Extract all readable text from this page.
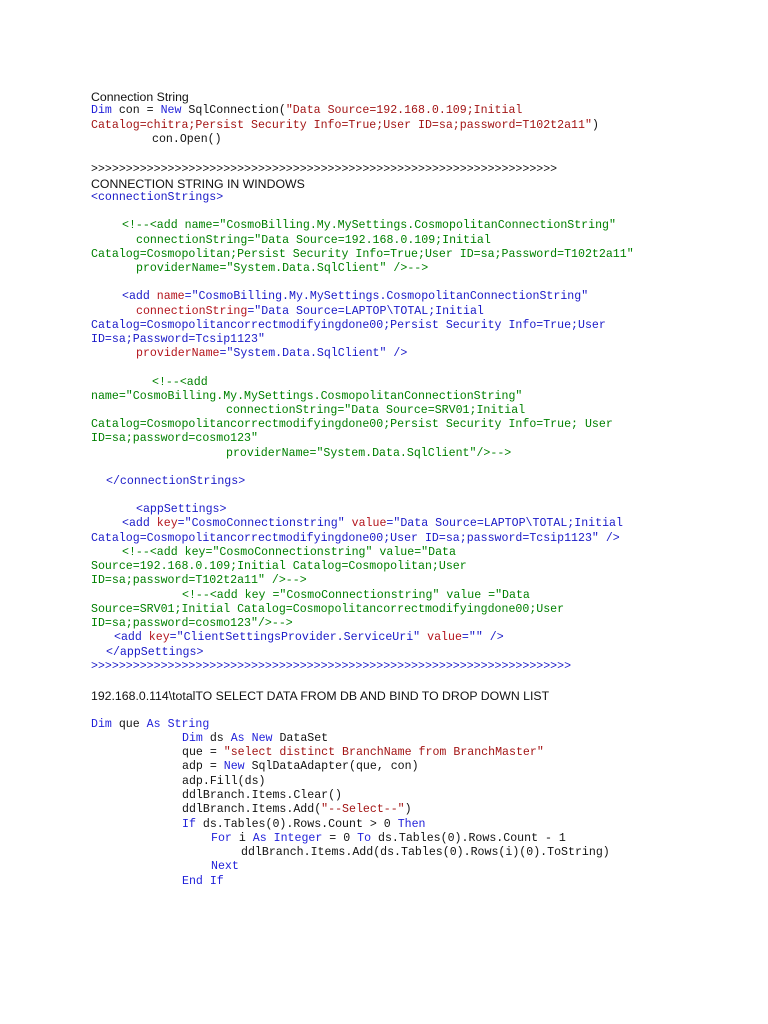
Connection String
Dim con = New SqlConnection("Data Source=192.168.0.109;Initial
Catalog=chitra;Persist Security Info=True;User ID=sa;password=T102t2a11")
con.Open()
>>>>>>>>>>>>>>>>>>>>>>>>>>>>>>>>>>>>>>>>>>>>>>>>>>>>>>>>>>>>>>>>>>>
CONNECTION STRING IN WINDOWS
<connectionStrings>
<!--<add name="CosmoBilling.My.MySettings.CosmopolitanConnectionString"
connectionString="Data Source=192.168.0.109;Initial
Catalog=Cosmopolitan;Persist Security Info=True;User ID=sa;Password=T102t2a11"
providerName="System.Data.SqlClient" />-->
<add name="CosmoBilling.My.MySettings.CosmopolitanConnectionString"
connectionString="Data Source=LAPTOP\TOTAL;Initial
Catalog=Cosmopolitancorrectmodifyingdone00;Persist Security Info=True;User
ID=sa;Password=Tcsip1123"
providerName="System.Data.SqlClient" />
<!--<add
name="CosmoBilling.My.MySettings.CosmopolitanConnectionString"
connectionString="Data Source=SRV01;Initial
Catalog=Cosmopolitancorrectmodifyingdone00;Persist Security Info=True; User
ID=sa;password=cosmo123"
providerName="System.Data.SqlClient"/>-->
</connectionStrings>
<appSettings>
<add key="CosmoConnectionstring" value="Data Source=LAPTOP\TOTAL;Initial
Catalog=Cosmopolitancorrectmodifyingdone00;User ID=sa;password=Tcsip1123" />
<!--<add key="CosmoConnectionstring" value="Data
Source=192.168.0.109;Initial Catalog=Cosmopolitan;User
ID=sa;password=T102t2a11" />-->
<!--<add key ="CosmoConnectionstring" value ="Data
Source=SRV01;Initial Catalog=Cosmopolitancorrectmodifyingdone00;User
ID=sa;password=cosmo123"/>-->
<add key="ClientSettingsProvider.ServiceUri" value="" />
</appSettings>
>>>>>>>>>>>>>>>>>>>>>>>>>>>>>>>>>>>>>>>>>>>>>>>>>>>>>>>>>>>>>>>>>>>>>
192.168.0.114\totalTO SELECT DATA FROM DB AND BIND TO DROP DOWN LIST
Dim que As String
Dim ds As New DataSet
que = "select distinct BranchName from BranchMaster"
adp = New SqlDataAdapter(que, con)
adp.Fill(ds)
ddlBranch.Items.Clear()
ddlBranch.Items.Add("--Select--")
If ds.Tables(0).Rows.Count > 0 Then
For i As Integer = 0 To ds.Tables(0).Rows.Count - 1
ddlBranch.Items.Add(ds.Tables(0).Rows(i)(0).ToString)
Next
End If
